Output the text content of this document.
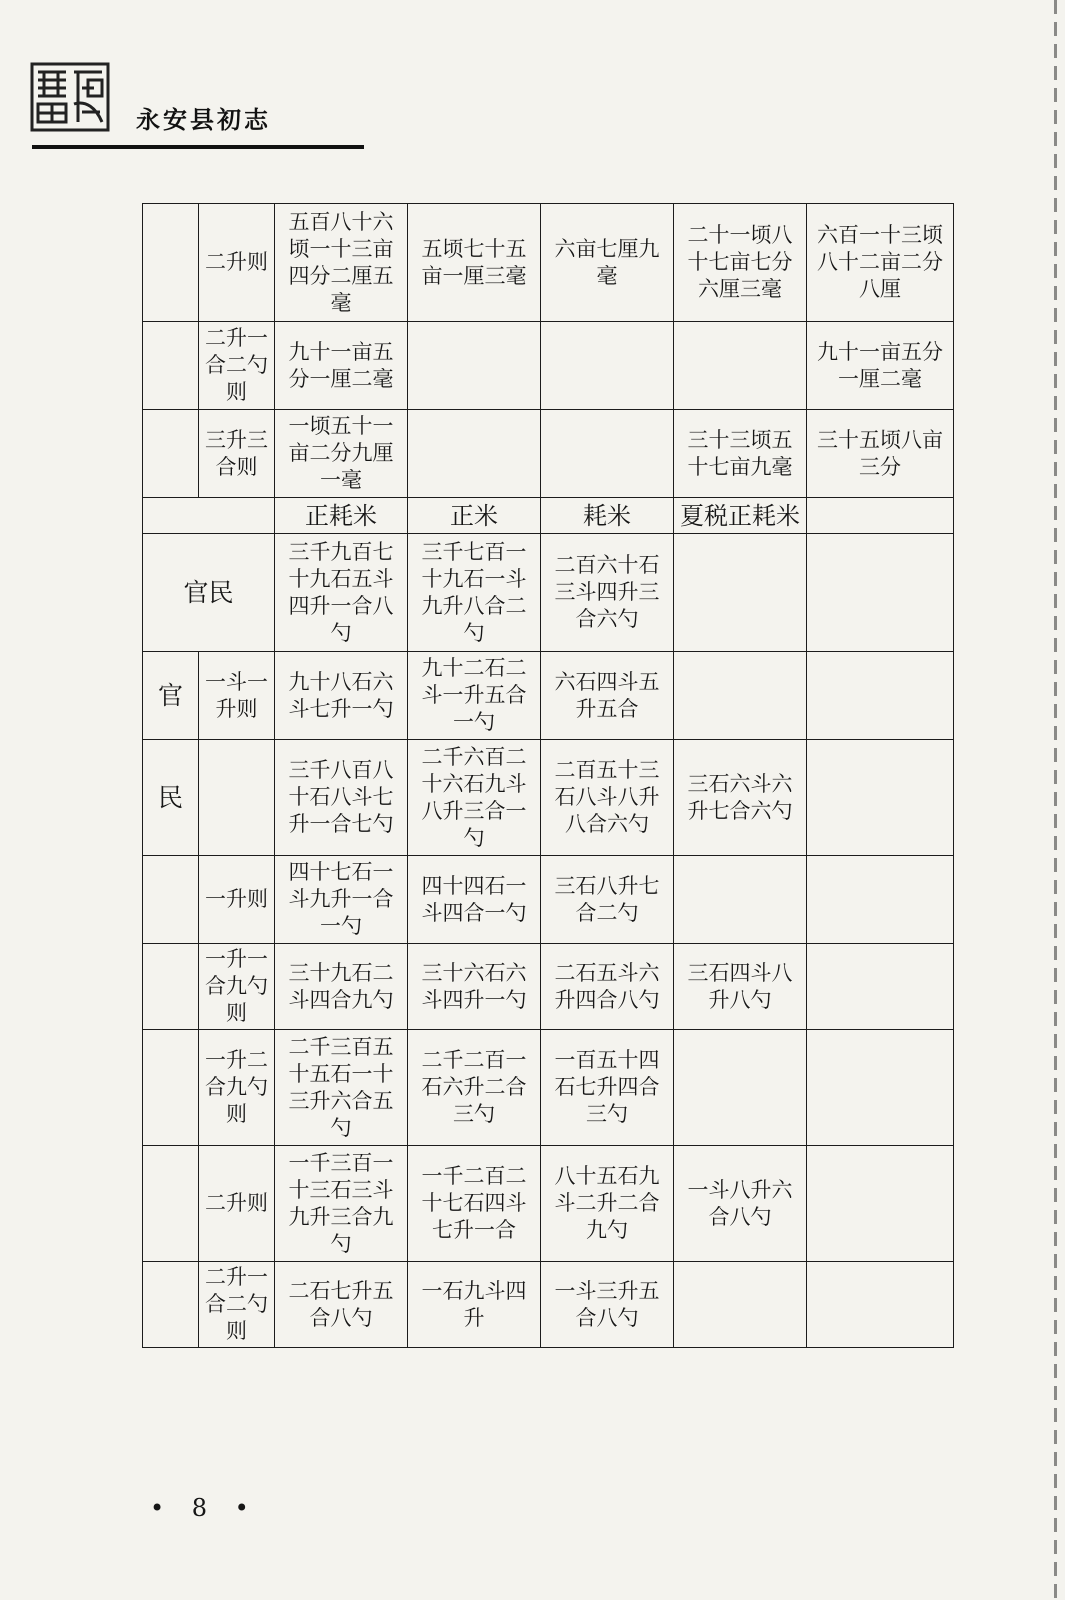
永安县初志
	二升则	五百八十六顷一十三亩四分二厘五毫	五顷七十五亩一厘三毫	六亩七厘九毫	二十一顷八十七亩七分六厘三毫	六百一十三顷八十二亩二分八厘
	二升一合二勺则	九十一亩五分一厘二毫				九十一亩五分一厘二毫
	三升三合则	一顷五十一亩二分九厘一毫			三十三顷五十七亩九毫	三十五顷八亩三分
		正耗米	正米	耗米	夏税正耗米	
官民		三千九百七十九石五斗四升一合八勺	三千七百一十九石一斗九升八合二勺	二百六十石三斗四升三合六勺		
官	一斗一升则	九十八石六斗七升一勺	九十二石二斗一升五合一勺	六石四斗五升五合		
民		三千八百八十石八斗七升一合七勺	二千六百二十六石九斗八升三合一勺	二百五十三石八斗八升八合六勺	三石六斗六升七合六勺	
	一升则	四十七石一斗九升一合一勺	四十四石一斗四合一勺	三石八升七合二勺		
	一升一合九勺则	三十九石二斗四合九勺	三十六石六斗四升一勺	二石五斗六升四合八勺	三石四斗八升八勺	
	一升二合九勺则	二千三百五十五石一十三升六合五勺	二千二百一石六升二合三勺	一百五十四石七升四合三勺		
	二升则	一千三百一十三石三斗九升三合九勺	一千二百二十七石四斗七升一合	八十五石九斗二升二合九勺	一斗八升六合八勺	
	二升一合二勺则	二石七升五合八勺	一石九斗四升	一斗三升五合八勺		
• 8 •
